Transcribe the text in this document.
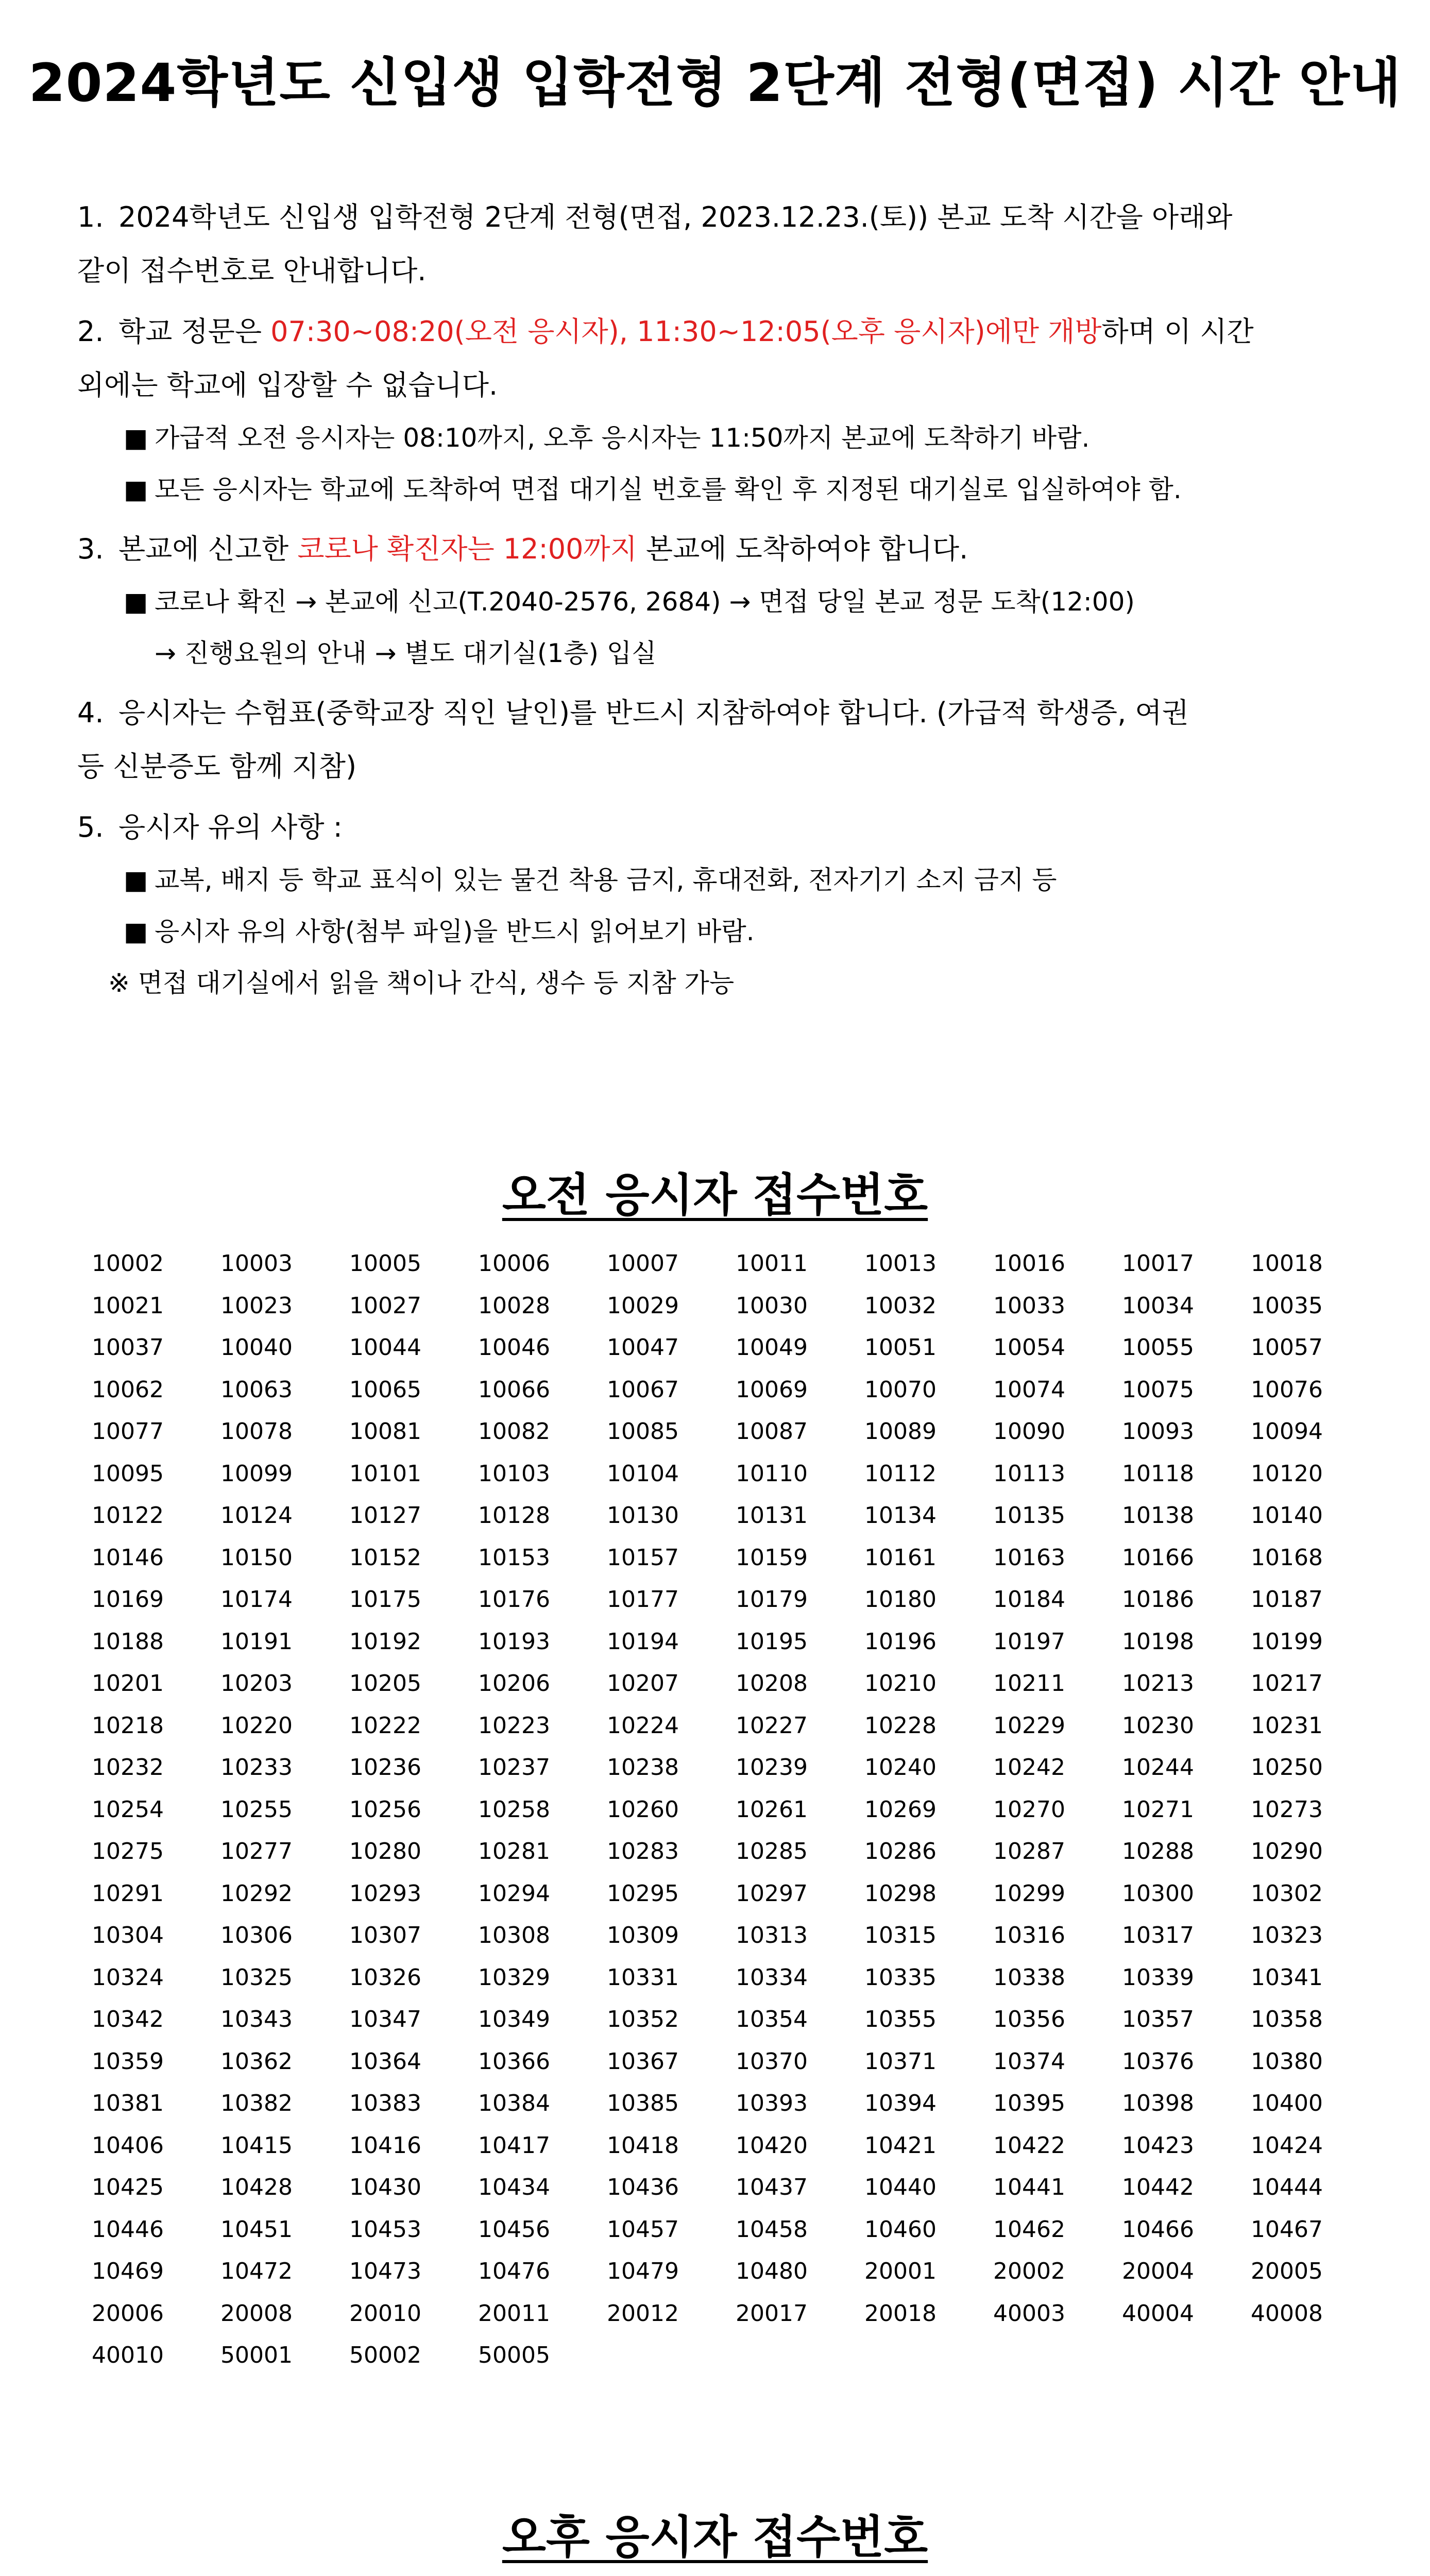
2024학년도 신입생 입학전형 2단계 전형(면접) 시간 안내
1. 2024학년도 신입생 입학전형 2단계 전형(면접, 2023.12.23.(토)) 본교 도착 시간을 아래와
같이 접수번호로 안내합니다.
2. 학교 정문은 07:30~08:20(오전 응시자), 11:30~12:05(오후 응시자)에만 개방하며 이 시간
외에는 학교에 입장할 수 없습니다.
■ 가급적 오전 응시자는 08:10까지, 오후 응시자는 11:50까지 본교에 도착하기 바람.
■ 모든 응시자는 학교에 도착하여 면접 대기실 번호를 확인 후 지정된 대기실로 입실하여야 함.
3. 본교에 신고한 코로나 확진자는 12:00까지 본교에 도착하여야 합니다.
■ 코로나 확진 → 본교에 신고(T.2040-2576, 2684) → 면접 당일 본교 정문 도착(12:00)
→ 진행요원의 안내 → 별도 대기실(1층) 입실
4. 응시자는 수험표(중학교장 직인 날인)를 반드시 지참하여야 합니다. (가급적 학생증, 여권
등 신분증도 함께 지참)
5. 응시자 유의 사항 :
■ 교복, 배지 등 학교 표식이 있는 물건 착용 금지, 휴대전화, 전자기기 소지 금지 등
■ 응시자 유의 사항(첨부 파일)을 반드시 읽어보기 바람.
※ 면접 대기실에서 읽을 책이나 간식, 생수 등 지참 가능
오전 응시자 접수번호
10002	10003	10005	10006	10007	10011	10013	10016	10017	10018
10021	10023	10027	10028	10029	10030	10032	10033	10034	10035
10037	10040	10044	10046	10047	10049	10051	10054	10055	10057
10062	10063	10065	10066	10067	10069	10070	10074	10075	10076
10077	10078	10081	10082	10085	10087	10089	10090	10093	10094
10095	10099	10101	10103	10104	10110	10112	10113	10118	10120
10122	10124	10127	10128	10130	10131	10134	10135	10138	10140
10146	10150	10152	10153	10157	10159	10161	10163	10166	10168
10169	10174	10175	10176	10177	10179	10180	10184	10186	10187
10188	10191	10192	10193	10194	10195	10196	10197	10198	10199
10201	10203	10205	10206	10207	10208	10210	10211	10213	10217
10218	10220	10222	10223	10224	10227	10228	10229	10230	10231
10232	10233	10236	10237	10238	10239	10240	10242	10244	10250
10254	10255	10256	10258	10260	10261	10269	10270	10271	10273
10275	10277	10280	10281	10283	10285	10286	10287	10288	10290
10291	10292	10293	10294	10295	10297	10298	10299	10300	10302
10304	10306	10307	10308	10309	10313	10315	10316	10317	10323
10324	10325	10326	10329	10331	10334	10335	10338	10339	10341
10342	10343	10347	10349	10352	10354	10355	10356	10357	10358
10359	10362	10364	10366	10367	10370	10371	10374	10376	10380
10381	10382	10383	10384	10385	10393	10394	10395	10398	10400
10406	10415	10416	10417	10418	10420	10421	10422	10423	10424
10425	10428	10430	10434	10436	10437	10440	10441	10442	10444
10446	10451	10453	10456	10457	10458	10460	10462	10466	10467
10469	10472	10473	10476	10479	10480	20001	20002	20004	20005
20006	20008	20010	20011	20012	20017	20018	40003	40004	40008
40010	50001	50002	50005
오후 응시자 접수번호
